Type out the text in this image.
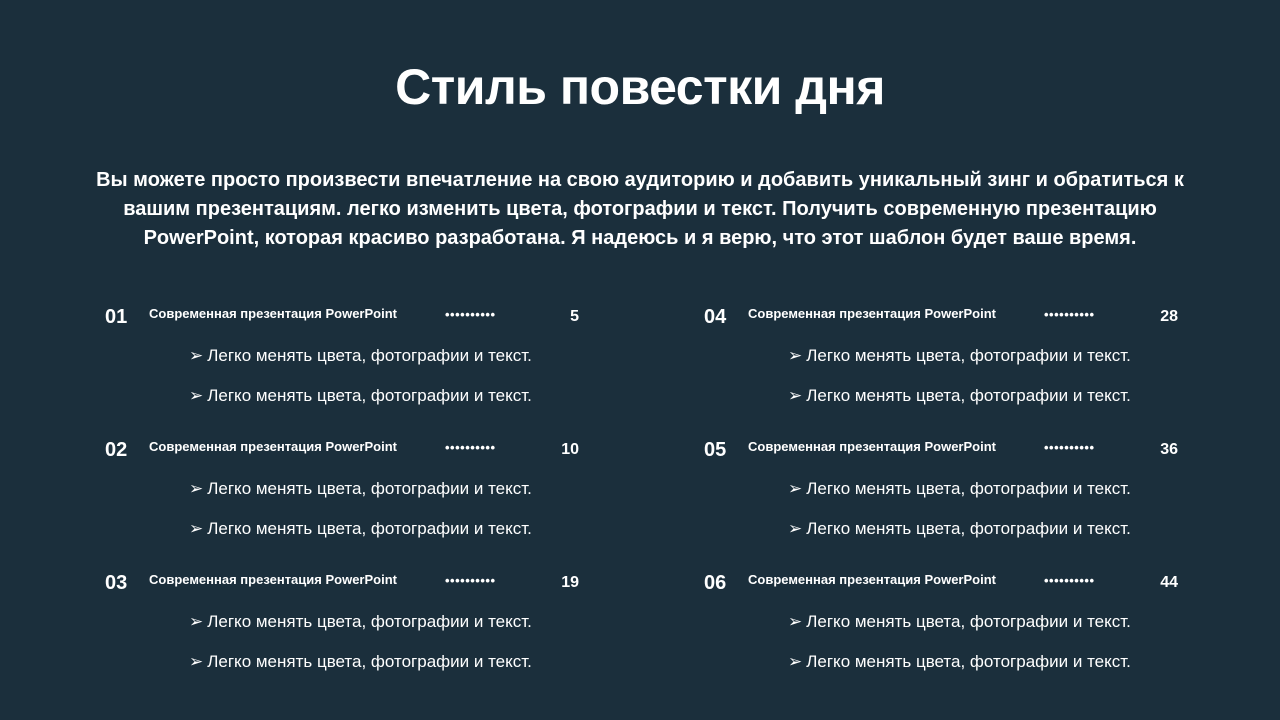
Стиль повестки дня
Вы можете просто произвести впечатление на свою аудиторию и добавить уникальный зинг и обратиться к вашим презентациям. легко изменить цвета, фотографии и текст. Получить современную презентацию PowerPoint, которая красиво разработана. Я надеюсь и я верю, что этот шаблон будет ваше время.
01 Современная презентация PowerPoint	••••••••••	5
➢ Легко менять цвета, фотографии и текст.
➢ Легко менять цвета, фотографии и текст.
02 Современная презентация PowerPoint	••••••••••	10
➢ Легко менять цвета, фотографии и текст.
➢ Легко менять цвета, фотографии и текст.
03 Современная презентация PowerPoint	••••••••••	19
➢ Легко менять цвета, фотографии и текст.
➢ Легко менять цвета, фотографии и текст.
04 Современная презентация PowerPoint	••••••••••	28
➢ Легко менять цвета, фотографии и текст.
➢ Легко менять цвета, фотографии и текст.
05 Современная презентация PowerPoint	••••••••••	36
➢ Легко менять цвета, фотографии и текст.
➢ Легко менять цвета, фотографии и текст.
06 Современная презентация PowerPoint	••••••••••	44
➢ Легко менять цвета, фотографии и текст.
➢ Легко менять цвета, фотографии и текст.
